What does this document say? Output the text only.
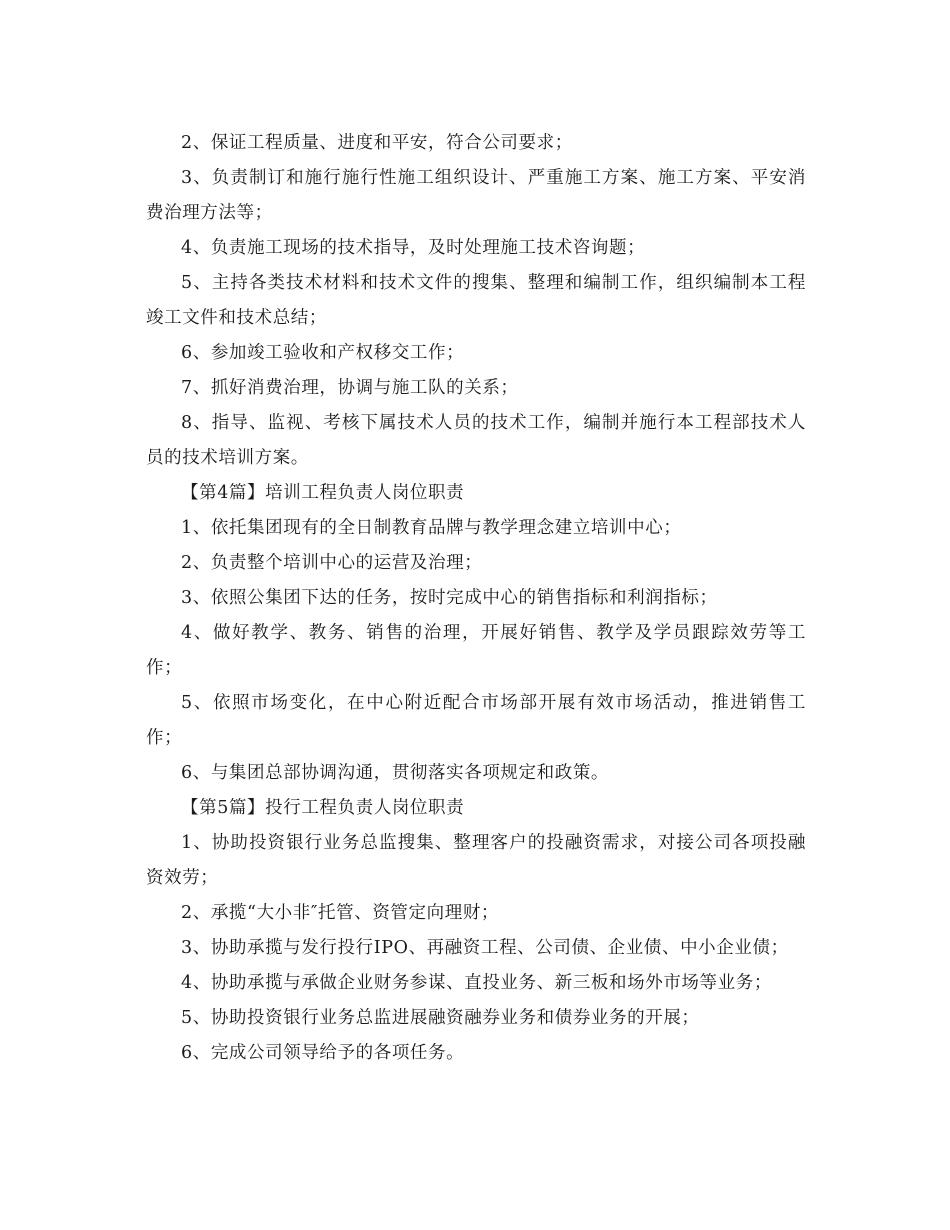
2、保证工程质量、进度和平安，符合公司要求；

3、负责制订和施行施行性施工组织设计、严重施工方案、施工方案、平安消费治理方法等；

4、负责施工现场的技术指导，及时处理施工技术咨询题；

5、主持各类技术材料和技术文件的搜集、整理和编制工作，组织编制本工程竣工文件和技术总结；

6、参加竣工验收和产权移交工作；

7、抓好消费治理，协调与施工队的关系；

8、指导、监视、考核下属技术人员的技术工作，编制并施行本工程部技术人员的技术培训方案。

【第4篇】培训工程负责人岗位职责

1、依托集团现有的全日制教育品牌与教学理念建立培训中心；

2、负责整个培训中心的运营及治理；

3、依照公集团下达的任务，按时完成中心的销售指标和利润指标；

4、做好教学、教务、销售的治理，开展好销售、教学及学员跟踪效劳等工作；

5、依照市场变化，在中心附近配合市场部开展有效市场活动，推进销售工作；

6、与集团总部协调沟通，贯彻落实各项规定和政策。

【第5篇】投行工程负责人岗位职责

1、协助投资银行业务总监搜集、整理客户的投融资需求，对接公司各项投融资效劳；

2、承揽“大小非″托管、资管定向理财；

3、协助承揽与发行投行IPO、再融资工程、公司债、企业债、中小企业债；

4、协助承揽与承做企业财务参谋、直投业务、新三板和场外市场等业务；

5、协助投资银行业务总监进展融资融券业务和债券业务的开展；

6、完成公司领导给予的各项任务。
